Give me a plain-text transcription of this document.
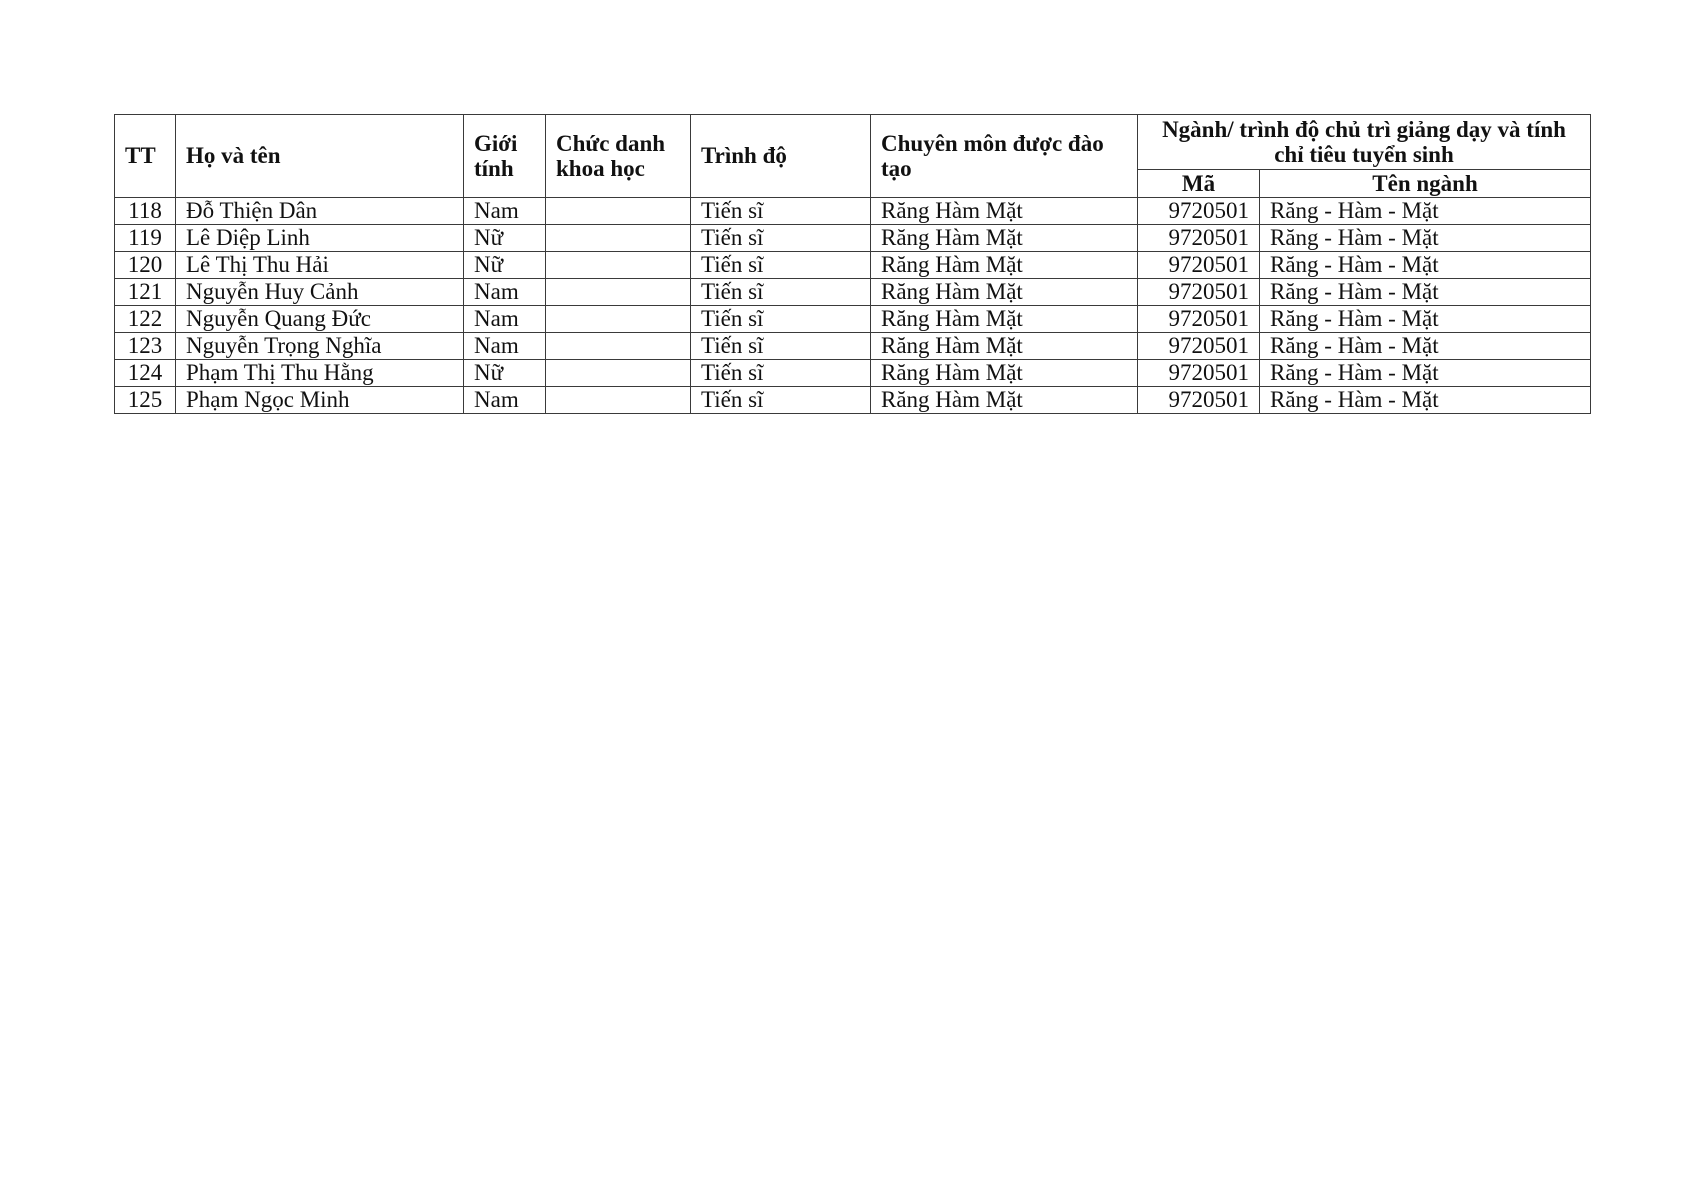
TT	Họ và tên	Giới tính	Chức danh khoa học	Trình độ	Chuyên môn được đào tạo	Ngành/ trình độ chủ trì giảng dạy và tính chỉ tiêu tuyển sinh	
						Mã	Tên ngành
118	Đỗ Thiện Dân	Nam		Tiến sĩ	Răng Hàm Mặt	9720501	Răng - Hàm - Mặt
119	Lê Diệp Linh	Nữ		Tiến sĩ	Răng Hàm Mặt	9720501	Răng - Hàm - Mặt
120	Lê Thị Thu Hải	Nữ		Tiến sĩ	Răng Hàm Mặt	9720501	Răng - Hàm - Mặt
121	Nguyễn Huy Cảnh	Nam		Tiến sĩ	Răng Hàm Mặt	9720501	Răng - Hàm - Mặt
122	Nguyễn Quang Đức	Nam		Tiến sĩ	Răng Hàm Mặt	9720501	Răng - Hàm - Mặt
123	Nguyễn Trọng Nghĩa	Nam		Tiến sĩ	Răng Hàm Mặt	9720501	Răng - Hàm - Mặt
124	Phạm Thị Thu Hằng	Nữ		Tiến sĩ	Răng Hàm Mặt	9720501	Răng - Hàm - Mặt
125	Phạm Ngọc Minh	Nam		Tiến sĩ	Răng Hàm Mặt	9720501	Răng - Hàm - Mặt
